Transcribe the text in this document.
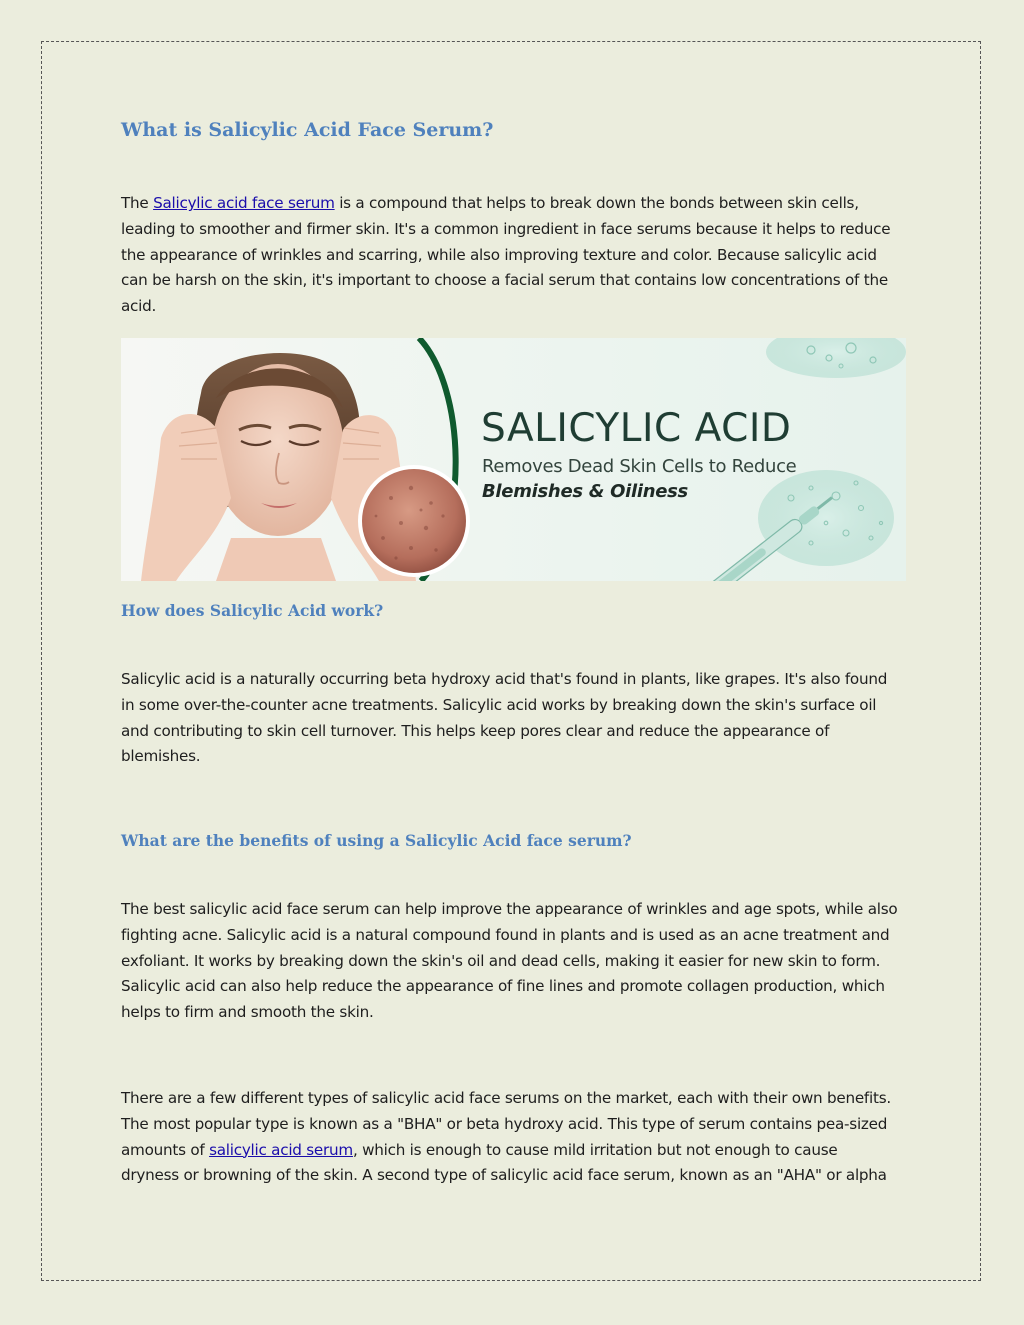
What is Salicylic Acid Face Serum?

The Salicylic acid face serum is a compound that helps to break down the bonds between skin cells,
leading to smoother and firmer skin. It's a common ingredient in face serums because it helps to reduce
the appearance of wrinkles and scarring, while also improving texture and color. Because salicylic acid
can be harsh on the skin, it's important to choose a facial serum that contains low concentrations of the
acid.

How does Salicylic Acid work?

Salicylic acid is a naturally occurring beta hydroxy acid that's found in plants, like grapes. It's also found
in some over-the-counter acne treatments. Salicylic acid works by breaking down the skin's surface oil
and contributing to skin cell turnover. This helps keep pores clear and reduce the appearance of
blemishes.

What are the benefits of using a Salicylic Acid face serum?

The best salicylic acid face serum can help improve the appearance of wrinkles and age spots, while also
fighting acne. Salicylic acid is a natural compound found in plants and is used as an acne treatment and
exfoliant. It works by breaking down the skin's oil and dead cells, making it easier for new skin to form.
Salicylic acid can also help reduce the appearance of fine lines and promote collagen production, which
helps to firm and smooth the skin.

There are a few different types of salicylic acid face serums on the market, each with their own benefits.
The most popular type is known as a "BHA" or beta hydroxy acid. This type of serum contains pea-sized
amounts of salicylic acid serum, which is enough to cause mild irritation but not enough to cause
dryness or browning of the skin. A second type of salicylic acid face serum, known as an "AHA" or alpha

SALICYLIC ACID
Removes Dead Skin Cells to Reduce
Blemishes & Oiliness
